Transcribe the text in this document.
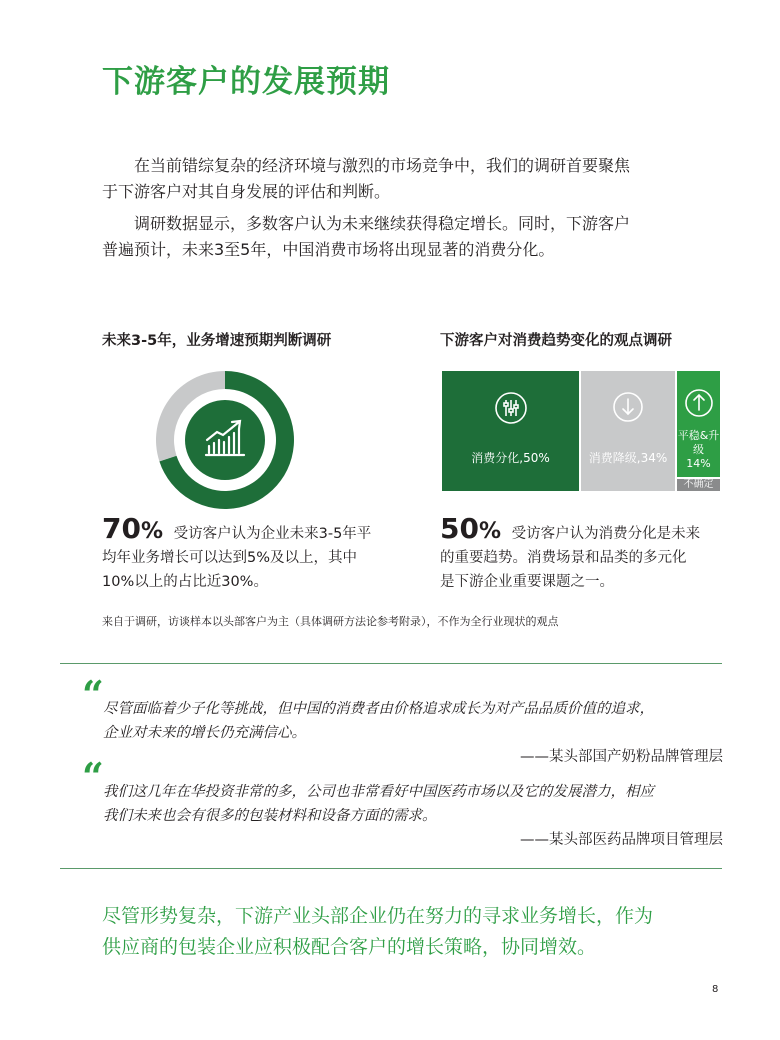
下游客户的发展预期

在当前错综复杂的经济环境与激烈的市场竞争中，我们的调研首要聚焦
于下游客户对其自身发展的评估和判断。

调研数据显示，多数客户认为未来继续获得稳定增长。同时，下游客户
普遍预计，未来3至5年，中国消费市场将出现显著的消费分化。

未来3-5年，业务增速预期判断调研
70% 受访客户认为企业未来3-5年平
均年业务增长可以达到5%及以上，其中
10%以上的占比近30%。
下游客户对消费趋势变化的观点调研
消费分化,50%	消费降级,34%
平稳&升级
14%
不确定
50% 受访客户认为消费分化是未来
的重要趋势。消费场景和品类的多元化
是下游企业重要课题之一。
来自于调研，访谈样本以头部客户为主（具体调研方法论参考附录），不作为全行业现状的观点
“ 尽管面临着少子化等挑战，但中国的消费者由价格追求成长为对产品品质价值的追求，
企业对未来的增长仍充满信心。
——某头部国产奶粉品牌管理层
“ 我们这几年在华投资非常的多，公司也非常看好中国医药市场以及它的发展潜力，相应
我们未来也会有很多的包装材料和设备方面的需求。
——某头部医药品牌项目管理层
尽管形势复杂，下游产业头部企业仍在努力的寻求业务增长，作为
供应商的包装企业应积极配合客户的增长策略，协同增效。
8
